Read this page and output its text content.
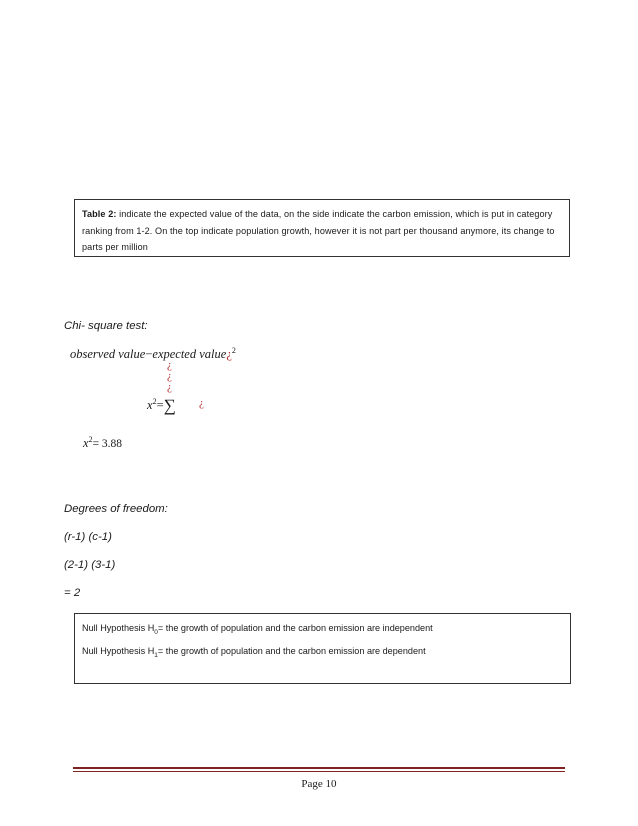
Table 2: indicate the expected value of the data, on the side indicate the carbon emission, which is put in category ranking from 1-2. On the top indicate population growth, however it is not part per thousand anymore, its change to parts per million
Chi- square test:
observed value−expected value¿$^2$
¿
¿
¿
$x^2=\sum$ ¿
$x^2= 3.88$
Degrees of freedom:
(r-1) (c-1)
(2-1) (3-1)
= 2
Null Hypothesis $H_0=$ the growth of population and the carbon emission are independent
Null Hypothesis $H_1=$ the growth of population and the carbon emission are dependent
Page 10
